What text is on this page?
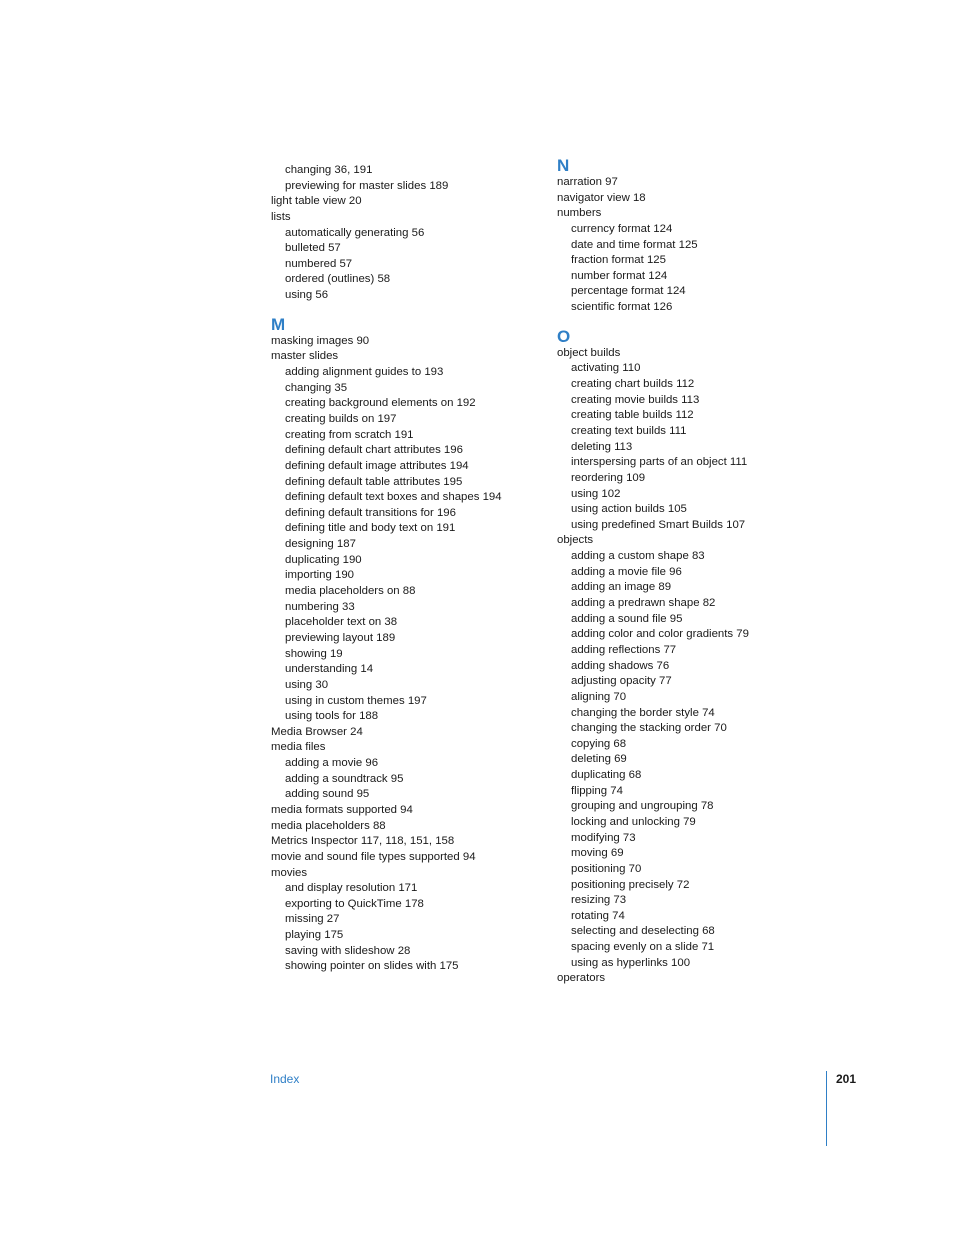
changing 36, 191
previewing for master slides 189
light table view 20
lists
automatically generating 56
bulleted 57
numbered 57
ordered (outlines) 58
using 56
M
masking images 90
master slides
adding alignment guides to 193
changing 35
creating background elements on 192
creating builds on 197
creating from scratch 191
defining default chart attributes 196
defining default image attributes 194
defining default table attributes 195
defining default text boxes and shapes 194
defining default transitions for 196
defining title and body text on 191
designing 187
duplicating 190
importing 190
media placeholders on 88
numbering 33
placeholder text on 38
previewing layout 189
showing 19
understanding 14
using 30
using in custom themes 197
using tools for 188
Media Browser 24
media files
adding a movie 96
adding a soundtrack 95
adding sound 95
media formats supported 94
media placeholders 88
Metrics Inspector 117, 118, 151, 158
movie and sound file types supported 94
movies
and display resolution 171
exporting to QuickTime 178
missing 27
playing 175
saving with slideshow 28
showing pointer on slides with 175
N
narration 97
navigator view 18
numbers
currency format 124
date and time format 125
fraction format 125
number format 124
percentage format 124
scientific format 126
O
object builds
activating 110
creating chart builds 112
creating movie builds 113
creating table builds 112
creating text builds 111
deleting 113
interspersing parts of an object 111
reordering 109
using 102
using action builds 105
using predefined Smart Builds 107
objects
adding a custom shape 83
adding a movie file 96
adding an image 89
adding a predrawn shape 82
adding a sound file 95
adding color and color gradients 79
adding reflections 77
adding shadows 76
adjusting opacity 77
aligning 70
changing the border style 74
changing the stacking order 70
copying 68
deleting 69
duplicating 68
flipping 74
grouping and ungrouping 78
locking and unlocking 79
modifying 73
moving 69
positioning 70
positioning precisely 72
resizing 73
rotating 74
selecting and deselecting 68
spacing evenly on a slide 71
using as hyperlinks 100
operators
Index	201
